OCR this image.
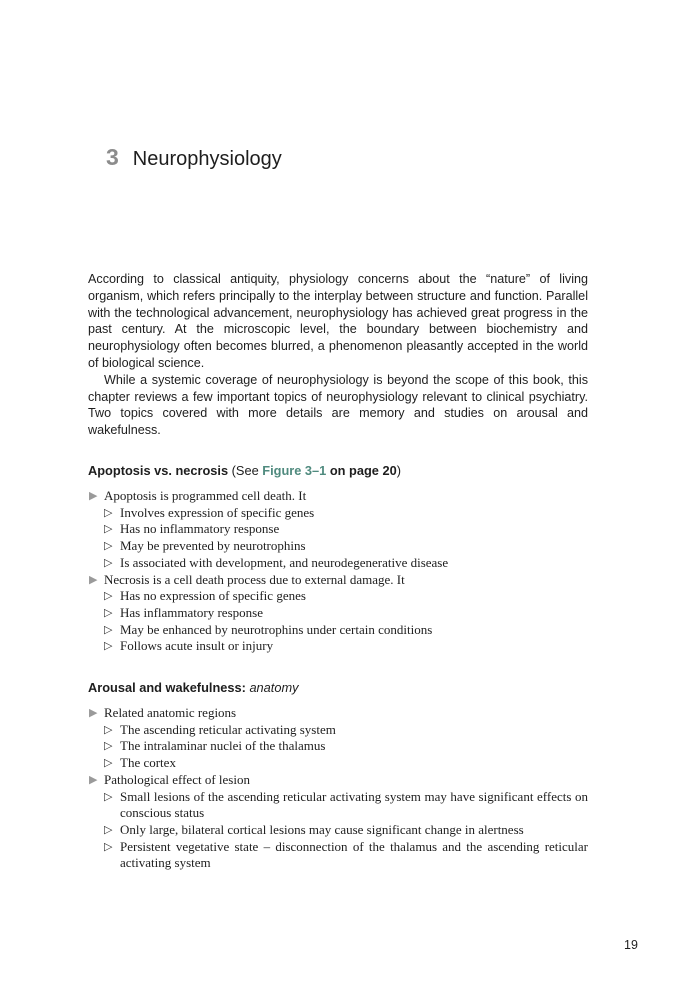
3 Neurophysiology

According to classical antiquity, physiology concerns about the “nature” of living organism, which refers principally to the interplay between structure and function. Parallel with the technological advancement, neurophysiology has achieved great progress in the past century. At the microscopic level, the boundary between biochemistry and neurophysiology often becomes blurred, a phenomenon pleasantly accepted in the world of biological science.

While a systemic coverage of neurophysiology is beyond the scope of this book, this chapter reviews a few important topics of neurophysiology relevant to clinical psychiatry. Two topics covered with more details are memory and studies on arousal and wakefulness.

Apoptosis vs. necrosis (See Figure 3–1 on page 20)
▶ Apoptosis is programmed cell death. It
▷ Involves expression of specific genes
▷ Has no inflammatory response
▷ May be prevented by neurotrophins
▷ Is associated with development, and neurodegenerative disease
▶ Necrosis is a cell death process due to external damage. It
▷ Has no expression of specific genes
▷ Has inflammatory response
▷ May be enhanced by neurotrophins under certain conditions
▷ Follows acute insult or injury
Arousal and wakefulness: anatomy
▶ Related anatomic regions
▷ The ascending reticular activating system
▷ The intralaminar nuclei of the thalamus
▷ The cortex
▶ Pathological effect of lesion
▷ Small lesions of the ascending reticular activating system may have significant effects on conscious status
▷ Only large, bilateral cortical lesions may cause significant change in alertness
▷ Persistent vegetative state – disconnection of the thalamus and the ascending reticular activating system
19
